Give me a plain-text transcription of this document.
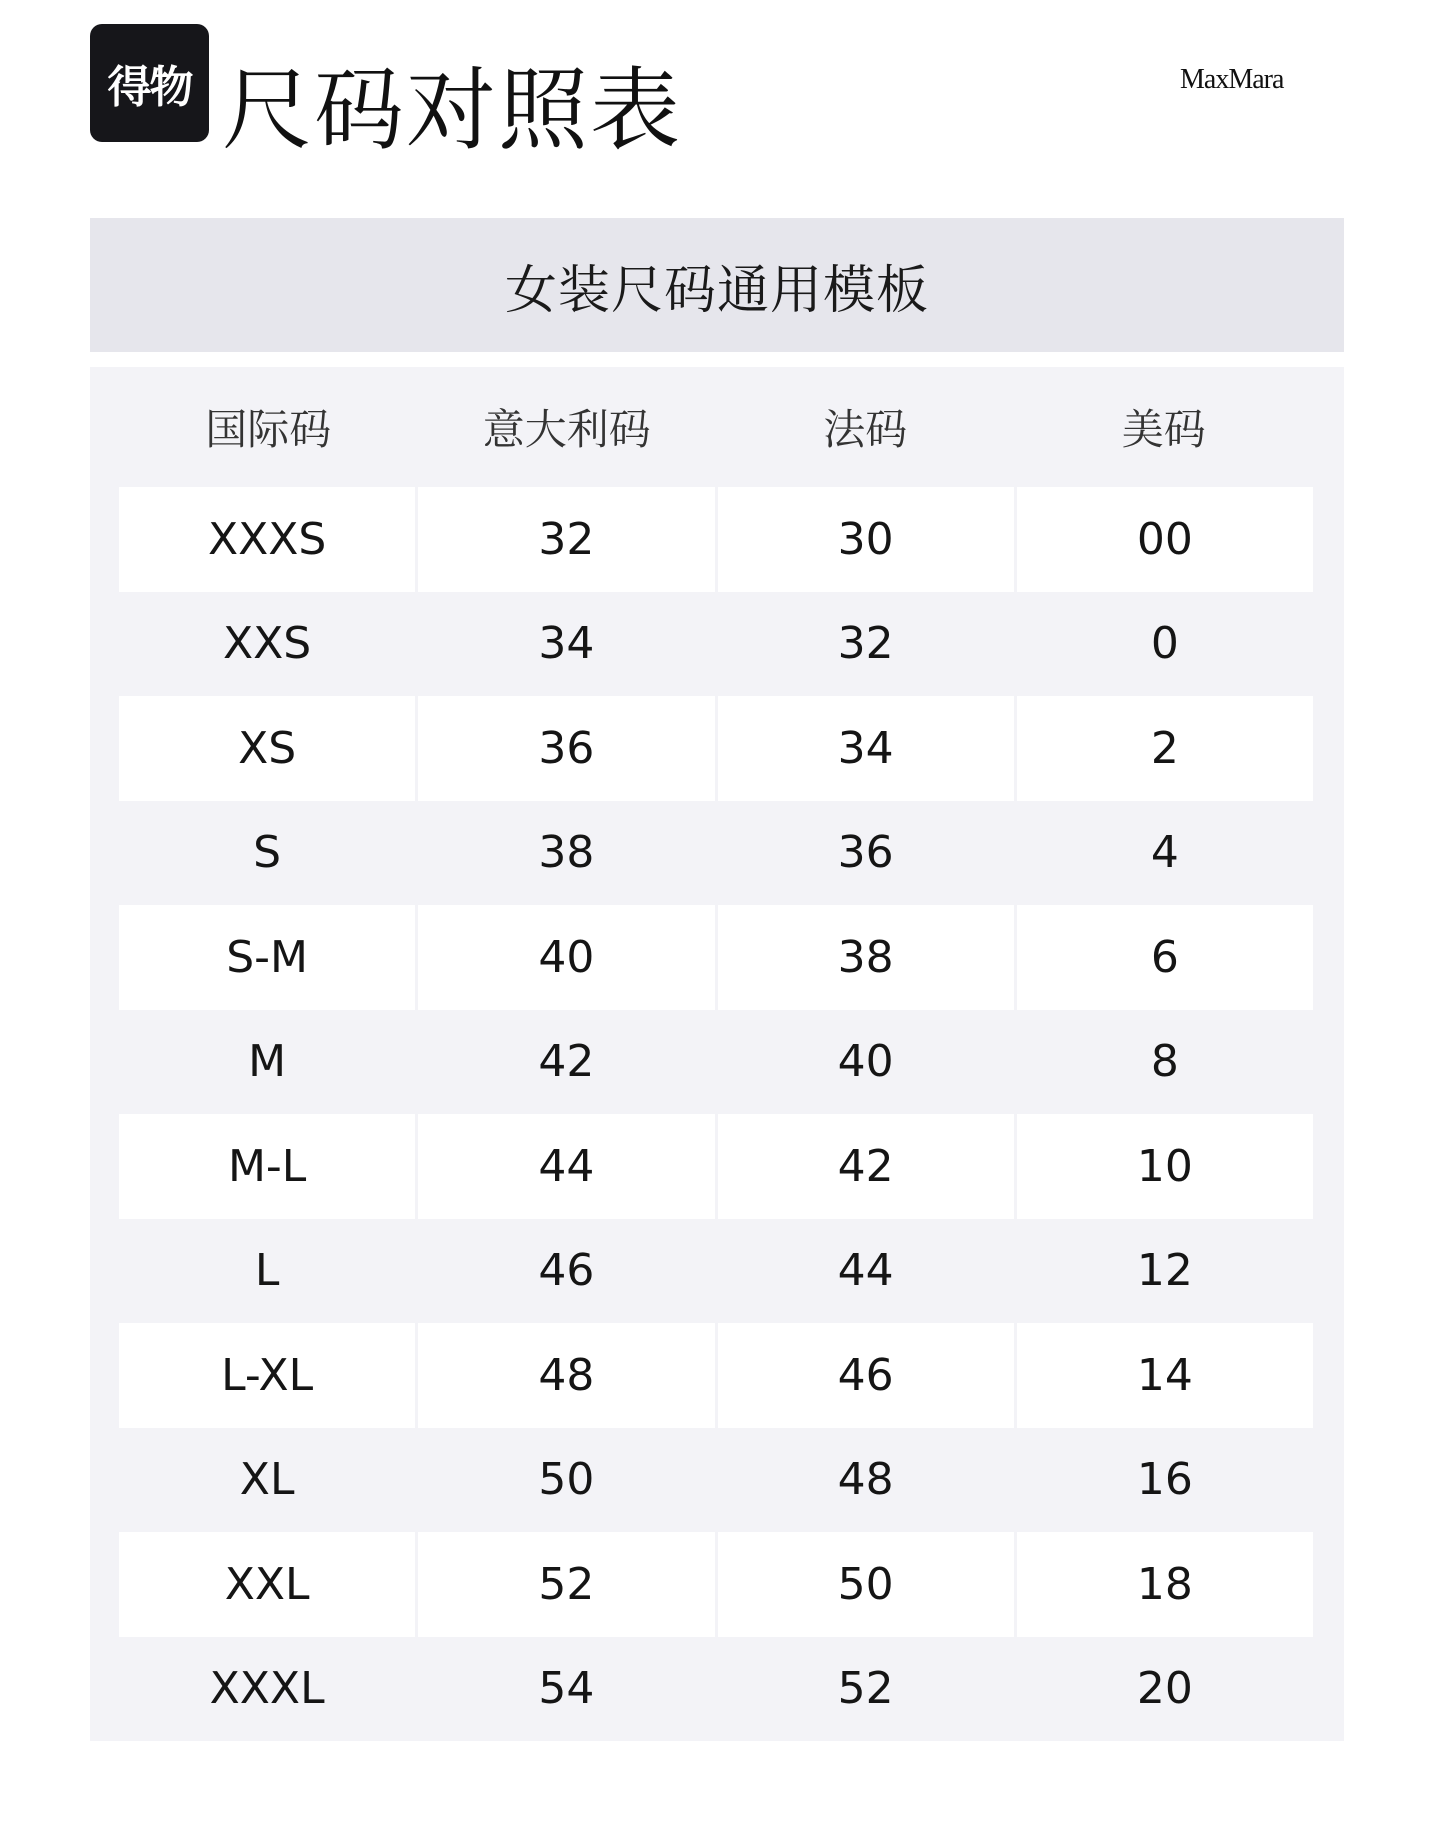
得物 尺码对照表	MaxMara
女装尺码通用模板
国际码	意大利码	法码	美码
XXXS	32	30	00
XXS	34	32	0
XS	36	34	2
S	38	36	4
S-M	40	38	6
M	42	40	8
M-L	44	42	10
L	46	44	12
L-XL	48	46	14
XL	50	48	16
XXL	52	50	18
XXXL	54	52	20
